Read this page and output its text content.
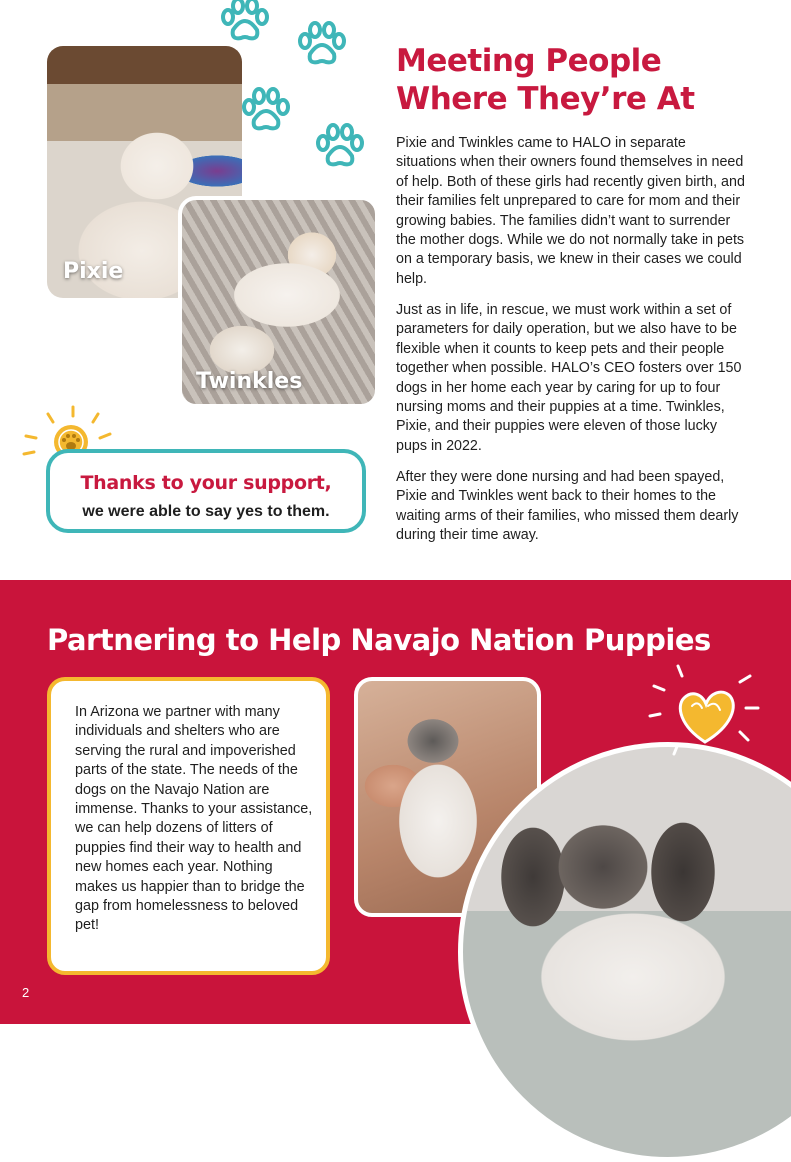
Pixie
Twinkles
Meeting People Where They’re At
Pixie and Twinkles came to HALO in separate situations when their owners found themselves in need of help. Both of these girls had recently given birth, and their families felt unprepared to care for mom and their growing babies. The families didn’t want to surrender the mother dogs. While we do not normally take in pets on a temporary basis, we knew in their cases we could help.
Just as in life, in rescue, we must work within a set of parameters for daily operation, but we also have to be flexible when it counts to keep pets and their people together when possible. HALO’s CEO fosters over 150 dogs in her home each year by caring for up to four nursing moms and their puppies at a time. Twinkles, Pixie, and their puppies were eleven of those lucky pups in 2022.
After they were done nursing and had been spayed, Pixie and Twinkles went back to their homes to the waiting arms of their families, who missed them dearly during their time away.
Thanks to your support,
we were able to say yes to them.
Partnering to Help Navajo Nation Puppies
In Arizona we partner with many individuals and shelters who are serving the rural and impoverished parts of the state. The needs of the dogs on the Navajo Nation are immense. Thanks to your assistance, we can help dozens of litters of puppies find their way to health and new homes each year. Nothing makes us happier than to bridge the gap from homelessness to beloved pet!
2
